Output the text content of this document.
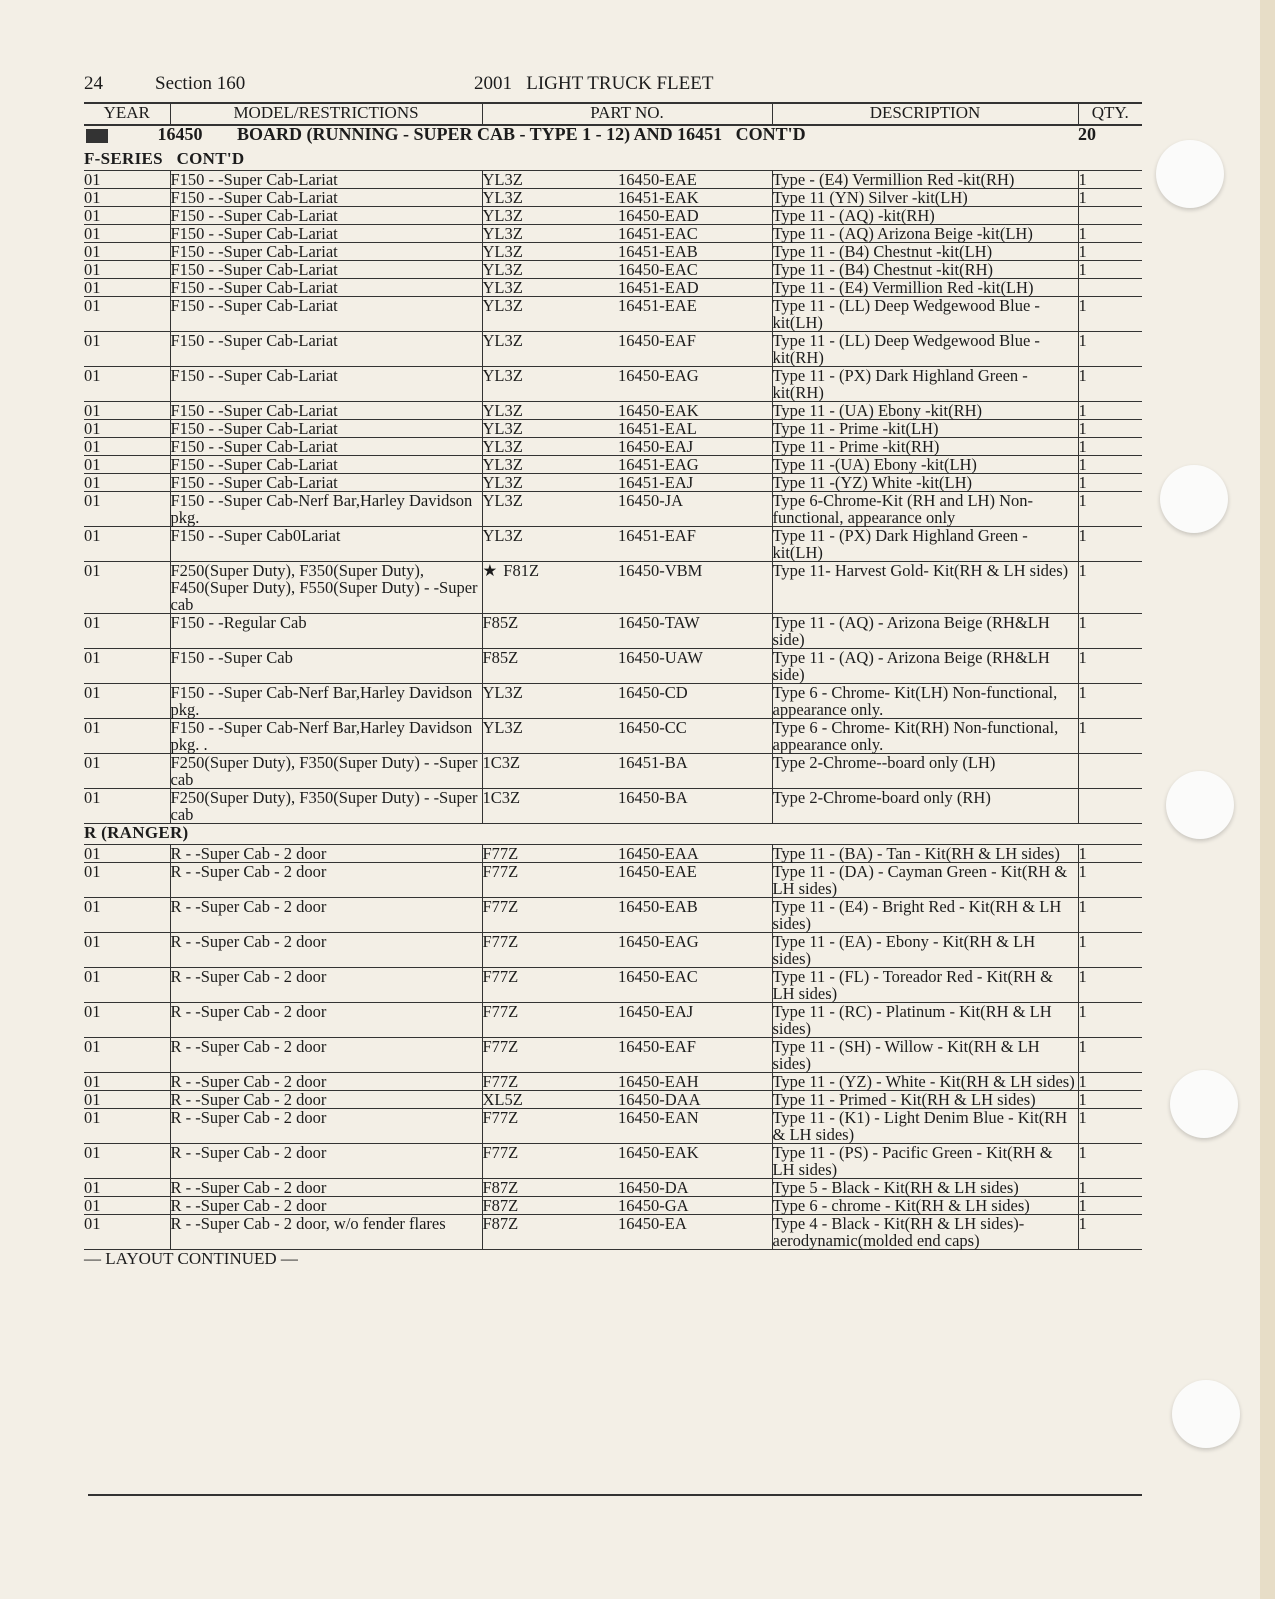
24	Section 160	2001   LIGHT TRUCK FLEET
YEAR	MODEL/RESTRICTIONS	PART NO.		DESCRIPTION	QTY.
16450 BOARD (RUNNING - SUPER CAB - TYPE 1 - 12) AND 16451   CONT'D					20
F-SERIES   CONT'D					
01	F150 - -Super Cab-Lariat	YL3Z	16450-EAE	Type - (E4) Vermillion Red -kit(RH)	1
01	F150 - -Super Cab-Lariat	YL3Z	16451-EAK	Type 11 (YN) Silver -kit(LH)	1
01	F150 - -Super Cab-Lariat	YL3Z	16450-EAD	Type 11 - (AQ) -kit(RH)	
01	F150 - -Super Cab-Lariat	YL3Z	16451-EAC	Type 11 - (AQ) Arizona Beige -kit(LH)	1
01	F150 - -Super Cab-Lariat	YL3Z	16451-EAB	Type 11 - (B4) Chestnut -kit(LH)	1
01	F150 - -Super Cab-Lariat	YL3Z	16450-EAC	Type 11 - (B4) Chestnut -kit(RH)	1
01	F150 - -Super Cab-Lariat	YL3Z	16451-EAD	Type 11 - (E4) Vermillion Red -kit(LH)	
01	F150 - -Super Cab-Lariat	YL3Z	16451-EAE	Type 11 - (LL) Deep Wedgewood Blue - kit(LH)	1
01	F150 - -Super Cab-Lariat	YL3Z	16450-EAF	Type 11 - (LL) Deep Wedgewood Blue - kit(RH)	1
01	F150 - -Super Cab-Lariat	YL3Z	16450-EAG	Type 11 - (PX) Dark Highland Green - kit(RH)	1
01	F150 - -Super Cab-Lariat	YL3Z	16450-EAK	Type 11 - (UA) Ebony -kit(RH)	1
01	F150 - -Super Cab-Lariat	YL3Z	16451-EAL	Type 11 - Prime -kit(LH)	1
01	F150 - -Super Cab-Lariat	YL3Z	16450-EAJ	Type 11 - Prime -kit(RH)	1
01	F150 - -Super Cab-Lariat	YL3Z	16451-EAG	Type 11 -(UA) Ebony -kit(LH)	1
01	F150 - -Super Cab-Lariat	YL3Z	16451-EAJ	Type 11 -(YZ) White -kit(LH)	1
01	F150 - -Super Cab-Nerf Bar,Harley Davidson pkg.	YL3Z	16450-JA	Type 6-Chrome-Kit (RH and LH) Non-functional, appearance only	1
01	F150 - -Super Cab0Lariat	YL3Z	16451-EAF	Type 11 - (PX) Dark Highland Green - kit(LH)	1
01	F250(Super Duty), F350(Super Duty), F450(Super Duty), F550(Super Duty) - -Super cab	★ F81Z	16450-VBM	Type 11- Harvest Gold- Kit(RH & LH sides)	1
01	F150 - -Regular Cab	F85Z	16450-TAW	Type 11 - (AQ) - Arizona Beige (RH&LH side)	1
01	F150 - -Super Cab	F85Z	16450-UAW	Type 11 - (AQ) - Arizona Beige (RH&LH side)	1
01	F150 - -Super Cab-Nerf Bar,Harley Davidson pkg.	YL3Z	16450-CD	Type 6 - Chrome- Kit(LH) Non-functional, appearance only.	1
01	F150 - -Super Cab-Nerf Bar,Harley Davidson pkg. .	YL3Z	16450-CC	Type 6 - Chrome- Kit(RH) Non-functional, appearance only.	1
01	F250(Super Duty), F350(Super Duty) - -Super cab	1C3Z	16451-BA	Type 2-Chrome--board only (LH)	
01	F250(Super Duty), F350(Super Duty) - -Super cab	1C3Z	16450-BA	Type 2-Chrome-board only (RH)	
R (RANGER)					
01	R - -Super Cab - 2 door	F77Z	16450-EAA	Type 11 - (BA) - Tan - Kit(RH & LH sides)	1
01	R - -Super Cab - 2 door	F77Z	16450-EAE	Type 11 - (DA) - Cayman Green - Kit(RH & LH sides)	1
01	R - -Super Cab - 2 door	F77Z	16450-EAB	Type 11 - (E4) - Bright Red - Kit(RH & LH sides)	1
01	R - -Super Cab - 2 door	F77Z	16450-EAG	Type 11 - (EA) - Ebony - Kit(RH & LH sides)	1
01	R - -Super Cab - 2 door	F77Z	16450-EAC	Type 11 - (FL) - Toreador Red - Kit(RH & LH sides)	1
01	R - -Super Cab - 2 door	F77Z	16450-EAJ	Type 11 - (RC) - Platinum - Kit(RH & LH sides)	1
01	R - -Super Cab - 2 door	F77Z	16450-EAF	Type 11 - (SH) - Willow - Kit(RH & LH sides)	1
01	R - -Super Cab - 2 door	F77Z	16450-EAH	Type 11 - (YZ) - White - Kit(RH & LH sides)	1
01	R - -Super Cab - 2 door	XL5Z	16450-DAA	Type 11 - Primed - Kit(RH & LH sides)	1
01	R - -Super Cab - 2 door	F77Z	16450-EAN	Type 11 - (K1) - Light Denim Blue - Kit(RH & LH sides)	1
01	R - -Super Cab - 2 door	F77Z	16450-EAK	Type 11 - (PS) - Pacific Green - Kit(RH & LH sides)	1
01	R - -Super Cab - 2 door	F87Z	16450-DA	Type 5 - Black - Kit(RH & LH sides)	1
01	R - -Super Cab - 2 door	F87Z	16450-GA	Type 6 - chrome - Kit(RH & LH sides)	1
01	R - -Super Cab - 2 door, w/o fender flares	F87Z	16450-EA	Type 4 - Black - Kit(RH & LH sides)- aerodynamic(molded end caps)	1
— LAYOUT CONTINUED —					
